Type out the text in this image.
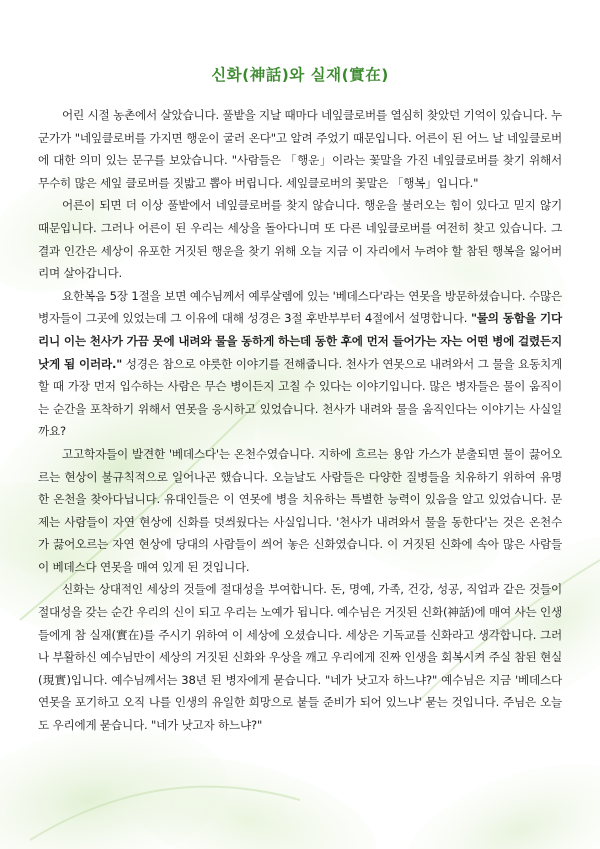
신화(神話)와 실재(實在)

어린 시절 농촌에서 살았습니다. 풀밭을 지날 때마다 네잎클로버를 열심히 찾았던 기억이 있습니다. 누군가가 "네잎클로버를 가지면 행운이 굴러 온다"고 알려 주었기 때문입니다. 어른이 된 어느 날 네잎클로버에 대한 의미 있는 문구를 보았습니다. "사람들은 「행운」이라는 꽃말을 가진 네잎클로버를 찾기 위해서 무수히 많은 세잎 클로버를 짓밟고 뽑아 버립니다. 세잎클로버의 꽃말은 「행복」입니다."

어른이 되면 더 이상 풀밭에서 네잎클로버를 찾지 않습니다. 행운을 불러오는 힘이 있다고 믿지 않기 때문입니다. 그러나 어른이 된 우리는 세상을 돌아다니며 또 다른 네잎클로버를 여전히 찾고 있습니다. 그 결과 인간은 세상이 유포한 거짓된 행운을 찾기 위해 오늘 지금 이 자리에서 누려야 할 참된 행복을 잃어버리며 살아갑니다.

요한복음 5장 1절을 보면 예수님께서 예루살렘에 있는 '베데스다'라는 연못을 방문하셨습니다. 수많은 병자들이 그곳에 있었는데 그 이유에 대해 성경은 3절 후반부부터 4절에서 설명합니다. "물의 동함을 기다리니 이는 천사가 가끔 못에 내려와 물을 동하게 하는데 동한 후에 먼저 들어가는 자는 어떤 병에 걸렸든지 낫게 됨 이러라." 성경은 참으로 야릇한 이야기를 전해줍니다. 천사가 연못으로 내려와서 그 물을 요동치게 할 때 가장 먼저 입수하는 사람은 무슨 병이든지 고칠 수 있다는 이야기입니다. 많은 병자들은 물이 움직이는 순간을 포착하기 위해서 연못을 응시하고 있었습니다. 천사가 내려와 물을 움직인다는 이야기는 사실일까요?

고고학자들이 발견한 '베데스다'는 온천수였습니다. 지하에 흐르는 용암 가스가 분출되면 물이 끓어오르는 현상이 불규칙적으로 일어나곤 했습니다. 오늘날도 사람들은 다양한 질병들을 치유하기 위하여 유명한 온천을 찾아다닙니다. 유대인들은 이 연못에 병을 치유하는 특별한 능력이 있음을 알고 있었습니다. 문제는 사람들이 자연 현상에 신화를 덧씌웠다는 사실입니다. '천사가 내려와서 물을 동한다'는 것은 온천수가 끓어오르는 자연 현상에 당대의 사람들이 씌어 놓은 신화였습니다. 이 거짓된 신화에 속아 많은 사람들이 베데스다 연못을 매여 있게 된 것입니다.

신화는 상대적인 세상의 것들에 절대성을 부여합니다. 돈, 명예, 가족, 건강, 성공, 직업과 같은 것들이 절대성을 갖는 순간 우리의 신이 되고 우리는 노예가 됩니다. 예수님은 거짓된 신화(神話)에 매여 사는 인생들에게 참 실재(實在)를 주시기 위하여 이 세상에 오셨습니다. 세상은 기독교를 신화라고 생각합니다. 그러나 부활하신 예수님만이 세상의 거짓된 신화와 우상을 깨고 우리에게 진짜 인생을 회복시켜 주실 참된 현실(現實)입니다. 예수님께서는 38년 된 병자에게 묻습니다. "네가 낫고자 하느냐?" 예수님은 지금 '베데스다 연못을 포기하고 오직 나를 인생의 유일한 희망으로 붙들 준비가 되어 있느냐' 묻는 것입니다. 주님은 오늘도 우리에게 묻습니다. "네가 낫고자 하느냐?"
